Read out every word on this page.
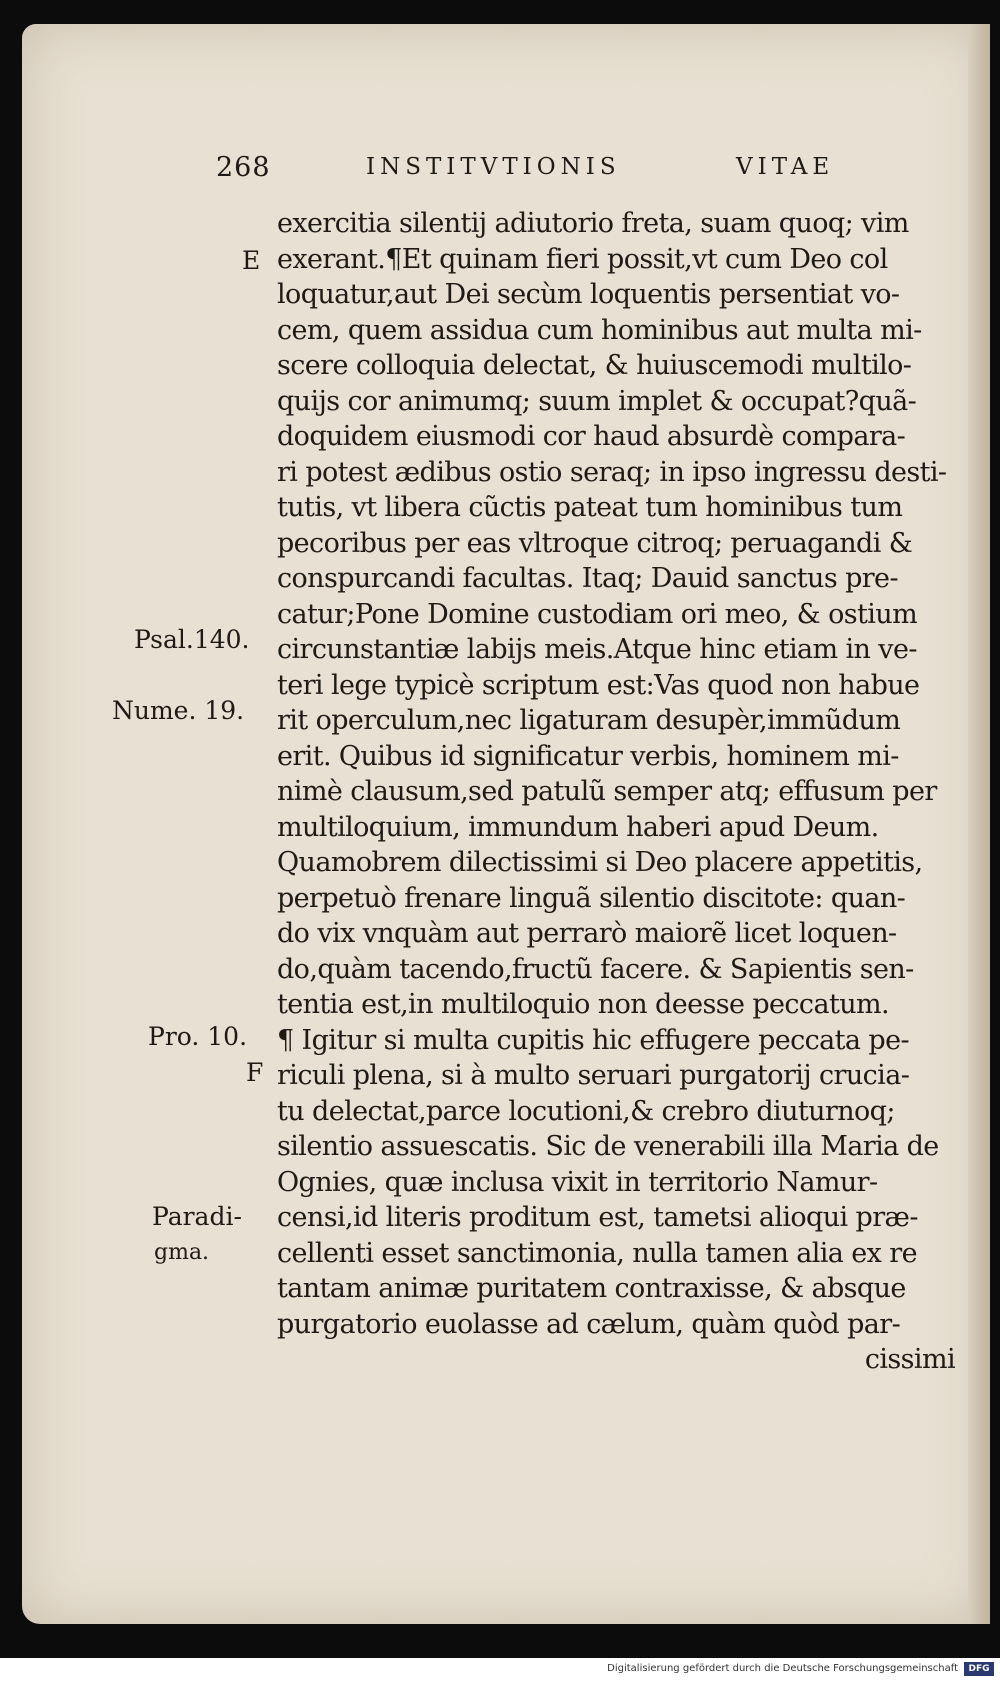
268	INSTITVTIONIS	VITAE
exercitia silentij adiutorio freta, suam quoq; vim
exerant.¶Et quinam fieri possit,vt cum Deo col
loquatur,aut Dei secùm loquentis persentiat vo-
cem, quem assidua cum hominibus aut multa mi-
scere colloquia delectat, & huiuscemodi multilo-
quijs cor animumq; suum implet & occupat?quã-
doquidem eiusmodi cor haud absurdè compara-
ri potest ædibus ostio seraq; in ipso ingressu desti-
tutis, vt libera cũctis pateat tum hominibus tum
pecoribus per eas vltroque citroq; peruagandi &
conspurcandi facultas. Itaq; Dauid sanctus pre-
catur;Pone Domine custodiam ori meo, & ostium
circunstantiæ labijs meis.Atque hinc etiam in ve-
teri lege typicè scriptum est:Vas quod non habue
rit operculum,nec ligaturam desupèr,immũdum
erit. Quibus id significatur verbis, hominem mi-
nimè clausum,sed patulũ semper atq; effusum per
multiloquium, immundum haberi apud Deum.
Quamobrem dilectissimi si Deo placere appetitis,
perpetuò frenare linguã silentio discitote: quan-
do vix vnquàm aut perrarò maiorẽ licet loquen-
do,quàm tacendo,fructũ facere. & Sapientis sen-
tentia est,in multiloquio non deesse peccatum.
¶ Igitur si multa cupitis hic effugere peccata pe-
riculi plena, si à multo seruari purgatorij crucia-
tu delectat,parce locutioni,& crebro diuturnoq;
silentio assuescatis. Sic de venerabili illa Maria de
Ognies, quæ inclusa vixit in territorio Namur-
censi,id literis proditum est, tametsi alioqui præ-
cellenti esset sanctimonia, nulla tamen alia ex re
tantam animæ puritatem contraxisse, & absque
purgatorio euolasse ad cælum, quàm quòd par-
cissimi
E
Psal.140.
Nume. 19.
Pro. 10.
F
Paradi-
gma.
Digitalisierung gefördert durch die Deutsche Forschungsgemeinschaft	DFG
